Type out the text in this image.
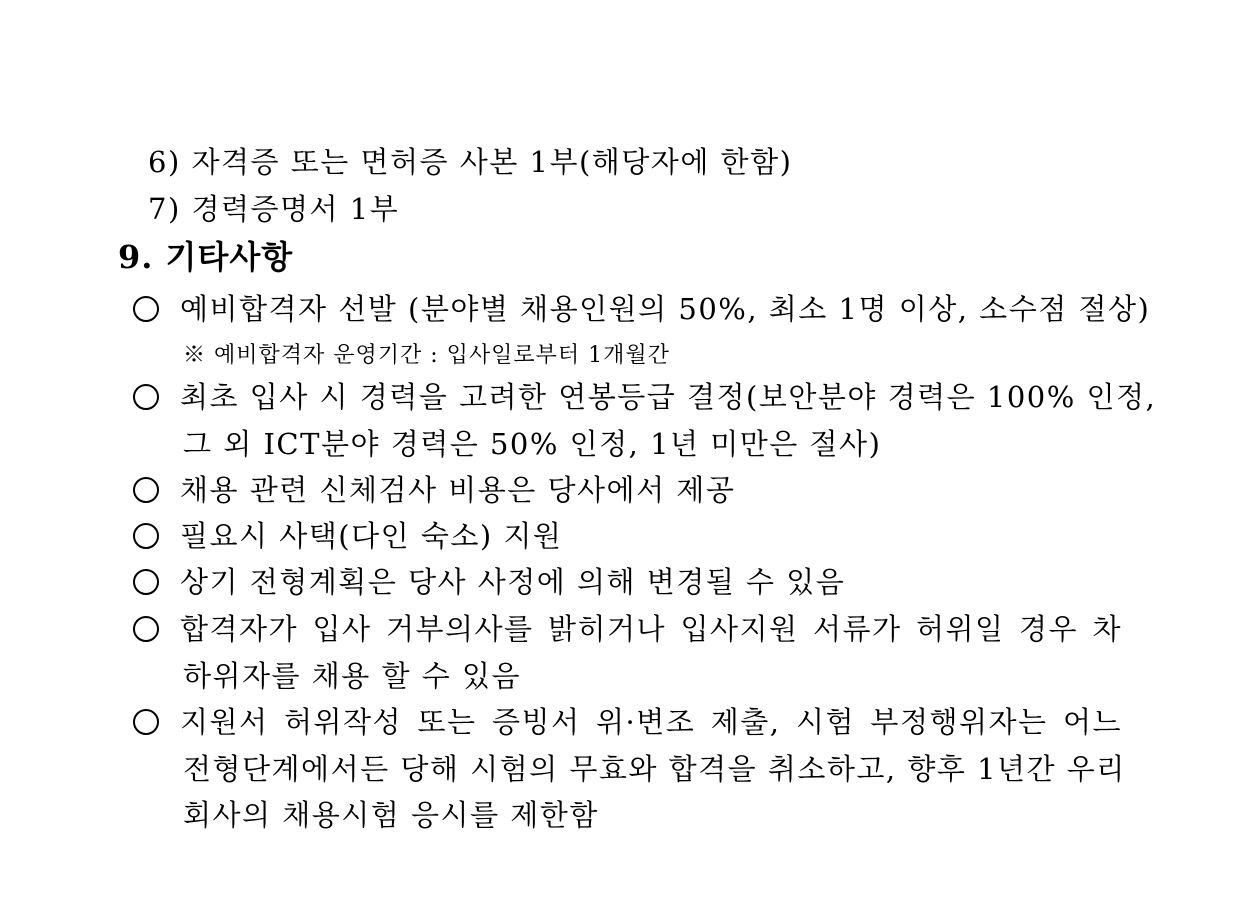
6) 자격증 또는 면허증 사본 1부(해당자에 한함)
7) 경력증명서 1부
9. 기타사항
예비합격자 선발 (분야별 채용인원의 50%, 최소 1명 이상, 소수점 절상)
※ 예비합격자 운영기간 : 입사일로부터 1개월간
최초 입사 시 경력을 고려한 연봉등급 결정(보안분야 경력은 100% 인정,
그 외 ICT분야 경력은 50% 인정, 1년 미만은 절사)
채용 관련 신체검사 비용은 당사에서 제공
필요시 사택(다인 숙소) 지원
상기 전형계획은 당사 사정에 의해 변경될 수 있음
합격자가 입사 거부의사를 밝히거나 입사지원 서류가 허위일 경우 차
하위자를 채용 할 수 있음
지원서 허위작성 또는 증빙서 위·변조 제출, 시험 부정행위자는 어느
전형단계에서든 당해 시험의 무효와 합격을 취소하고, 향후 1년간 우리
회사의 채용시험 응시를 제한함
